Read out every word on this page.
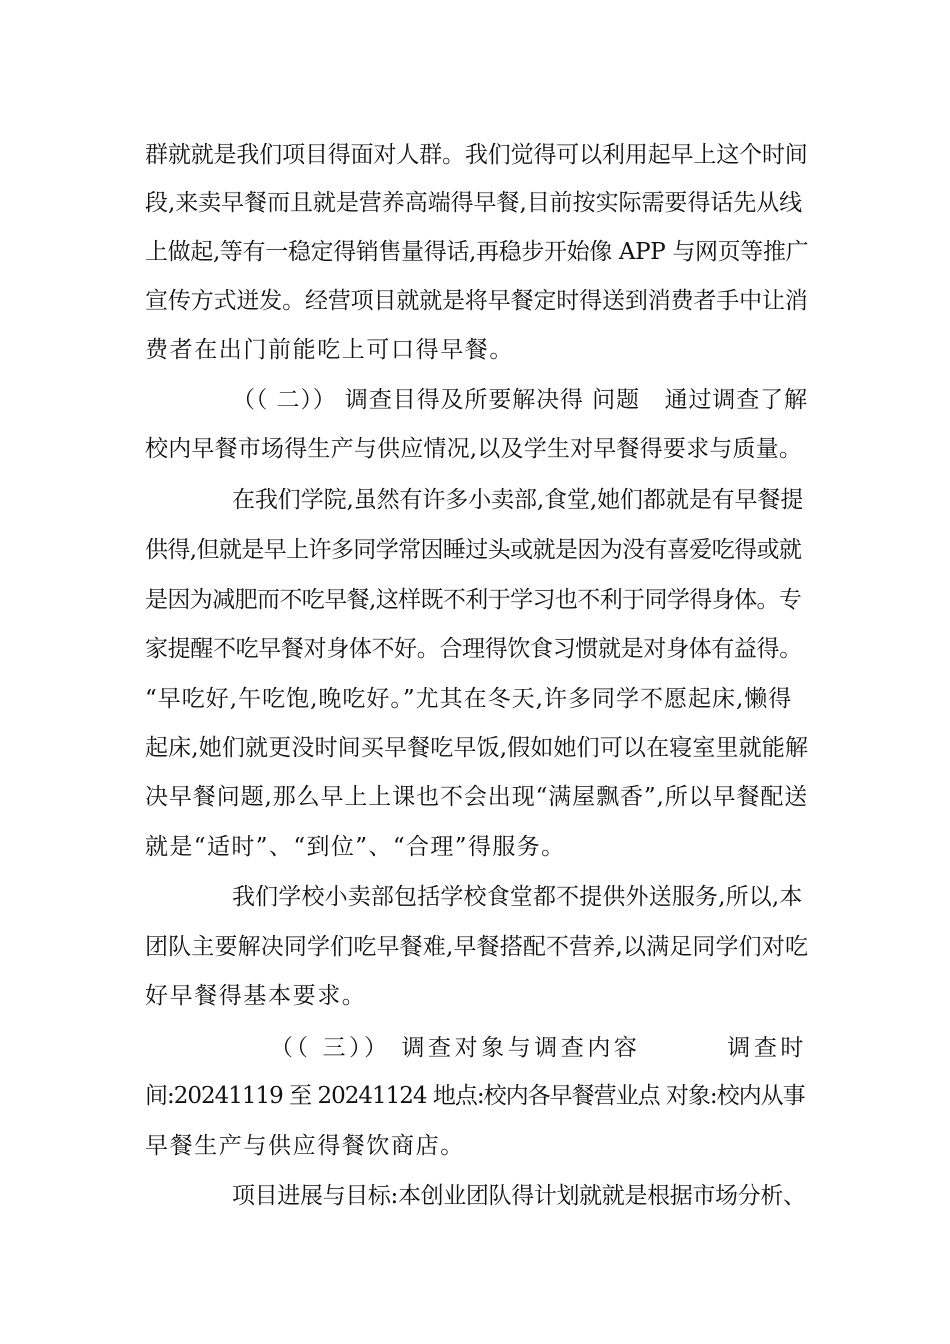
群就就是我们项目得面对人群。我们觉得可以利用起早上这个时间
段,来卖早餐而且就是营养高端得早餐,目前按实际需要得话先从线
上做起,等有一稳定得销售量得话,再稳步开始像 APP 与网页等推广
宣传方式迸发。经营项目就就是将早餐定时得送到消费者手中让消
费者在出门前能吃上可口得早餐。
（（ 二）） 调查目得及所要解决得 问题   通过调查了解
校内早餐市场得生产与供应情况,以及学生对早餐得要求与质量。
在我们学院,虽然有许多小卖部,食堂,她们都就是有早餐提
供得,但就是早上许多同学常因睡过头或就是因为没有喜爱吃得或就
是因为减肥而不吃早餐,这样既不利于学习也不利于同学得身体。专
家提醒不吃早餐对身体不好。合理得饮食习惯就是对身体有益得。
“早吃好,午吃饱,晚吃好。”尤其在冬天,许多同学不愿起床,懒得
起床,她们就更没时间买早餐吃早饭,假如她们可以在寝室里就能解
决早餐问题,那么早上上课也不会出现“满屋飘香”,所以早餐配送
就是“适时”、“到位”、“合理”得服务。
我们学校小卖部包括学校食堂都不提供外送服务,所以,本
团队主要解决同学们吃早餐难,早餐搭配不营养,以满足同学们对吃
好早餐得基本要求。
（（ 三）） 调查对象与调查内容        调查时
间:20241119 至 20241124 地点:校内各早餐营业点 对象:校内从事
早餐生产与供应得餐饮商店。
项目进展与目标:本创业团队得计划就就是根据市场分析、
